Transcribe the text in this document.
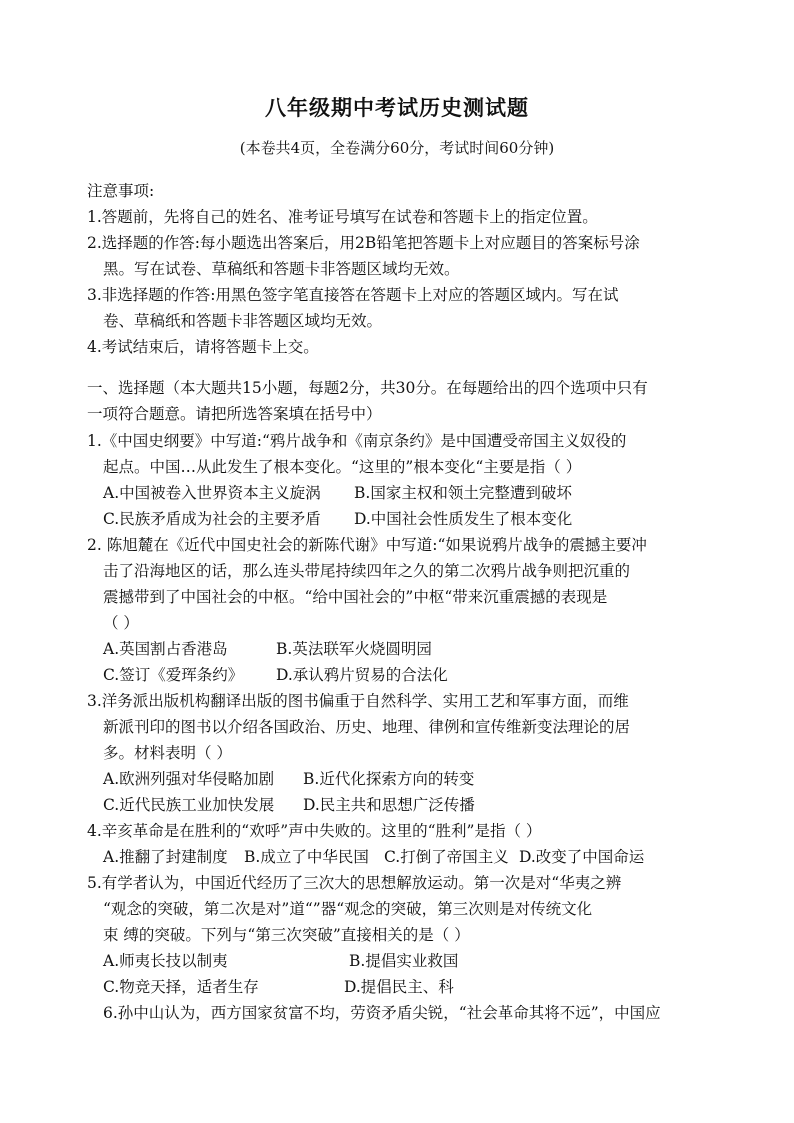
八年级期中考试历史测试题
(本卷共4页，全卷满分60分，考试时间60分钟)
注意事项:
1.答题前，先将自己的姓名、准考证号填写在试卷和答题卡上的指定位置。
2.选择题的作答:每小题选出答案后，用2B铅笔把答题卡上对应题目的答案标号涂
黑。写在试卷、草稿纸和答题卡非答题区域均无效。
3.非选择题的作答:用黑色签字笔直接答在答题卡上对应的答题区域内。写在试
卷、草稿纸和答题卡非答题区域均无效。
4.考试结束后，请将答题卡上交。
一、选择题（本大题共15小题，每题2分，共30分。在每题给出的四个选项中只有
一项符合题意。请把所选答案填在括号中）
1.《中国史纲要》中写道:“鸦片战争和《南京条约》是中国遭受帝国主义奴役的
起点。中国…从此发生了根本变化。“这里的”根本变化“主要是指（ ）
A.中国被卷入世界资本主义旋涡 B.国家主权和领土完整遭到破坏
C.民族矛盾成为社会的主要矛盾 D.中国社会性质发生了根本变化
2. 陈旭麓在《近代中国史社会的新陈代谢》中写道:“如果说鸦片战争的震撼主要冲
击了沿海地区的话，那么连头带尾持续四年之久的第二次鸦片战争则把沉重的
震撼带到了中国社会的中枢。“给中国社会的”中枢“带来沉重震撼的表现是
（ ）
A.英国割占香港岛	B.英法联军火烧圆明园
C.签订《爱珲条约》 D.承认鸦片贸易的合法化
3.洋务派出版机构翻译出版的图书偏重于自然科学、实用工艺和军事方面，而维
新派刊印的图书以介绍各国政治、历史、地理、律例和宣传维新变法理论的居
多。材料表明（ ）
A.欧洲列强对华侵略加剧 B.近代化探索方向的转变
C.近代民族工业加快发展 D.民主共和思想广泛传播
4.辛亥革命是在胜利的“欢呼”声中失败的。这里的“胜利”是指（ ）
A.推翻了封建制度 B.成立了中华民国 C.打倒了帝国主义 D.改变了中国命运
5.有学者认为，中国近代经历了三次大的思想解放运动。第一次是对“华夷之辨
“观念的突破，第二次是对”道“”器“观念的突破，第三次则是对传统文化
束 缚的突破。下列与“第三次突破”直接相关的是（ ）
A.师夷长技以制夷	B.提倡实业救国
C.物竞天择，适者生存	D.提倡民主、科
6.孙中山认为，西方国家贫富不均，劳资矛盾尖锐，“社会革命其将不远”，中国应
